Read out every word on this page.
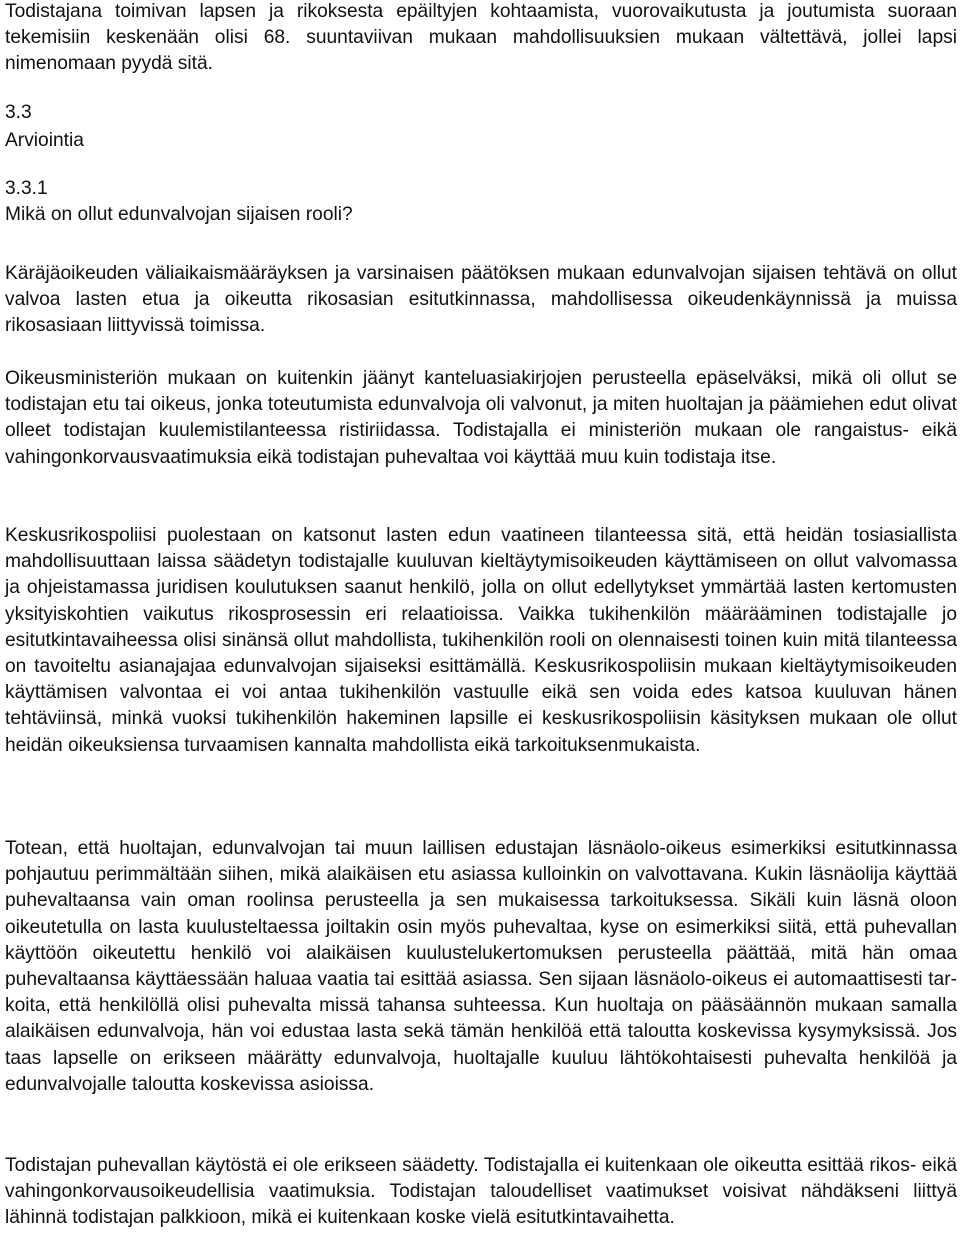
Todistajana toimivan lapsen ja rikoksesta epäiltyjen kohtaamista, vuorovaikutusta ja joutumista suoraan tekemisiin keskenään olisi 68. suuntaviivan mukaan mahdollisuuksien mukaan vältettävä, jollei lapsi nimenomaan pyydä sitä.

3.3
Arviointia
3.3.1
Mikä on ollut edunvalvojan sijaisen rooli?

Käräjäoikeuden väliaikaismääräyksen ja varsinaisen päätöksen mukaan edunvalvojan sijaisen tehtävä on ollut valvoa lasten etua ja oikeutta rikosasian esitutkinnassa, mahdollisessa oikeudenkäynnissä ja muissa rikosasiaan liittyvissä toimissa.

Oikeusministeriön mukaan on kuitenkin jäänyt kanteluasiakirjojen perusteella epäselväksi, mikä oli ollut se todistajan etu tai oikeus, jonka toteutumista edunvalvoja oli valvonut, ja miten huoltajan ja päämiehen edut olivat olleet todistajan kuulemistilanteessa ristiriidassa. Todistajalla ei ministeriön mukaan ole rangaistus- eikä vahingonkorvausvaatimuksia eikä todistajan puhevaltaa voi käyttää muu kuin todistaja itse.

Keskusrikospoliisi puolestaan on katsonut lasten edun vaatineen tilanteessa sitä, että heidän tosiasiallista mahdollisuuttaan laissa säädetyn todistajalle kuuluvan kieltäytymisoikeuden käyttämiseen on ollut valvomassa ja ohjeistamassa juridisen koulutuksen saanut henkilö, jolla on ollut edellytykset ymmärtää lasten kertomusten yksityiskohtien vaikutus rikosprosessin eri relaatioissa. Vaikka tukihenkilön määrääminen todistajalle jo esitutkintavaiheessa olisi sinänsä ollut mahdollista, tukihenkilön rooli on olennaisesti toinen kuin mitä tilanteessa on tavoiteltu asianajajaa edunvalvojan sijaiseksi esittämällä. Keskusrikospoliisin mukaan kieltäytymisoikeuden käyttämisen valvontaa ei voi antaa tukihenkilön vastuulle eikä sen voida edes katsoa kuuluvan hänen tehtäviinsä, minkä vuoksi tukihenkilön hakeminen lapsille ei keskusrikospoliisin käsityksen mukaan ole ollut heidän oikeuksiensa turvaamisen kannalta mahdollista eikä tarkoituksenmukaista.

Totean, että huoltajan, edunvalvojan tai muun laillisen edustajan läsnäolo-oikeus esimerkiksi esitutkinnassa pohjautuu perimmältään siihen, mikä alaikäisen etu asiassa kulloinkin on valvottavana. Kukin läsnäolija käyttää puhevaltaansa vain oman roolinsa perusteella ja sen mukaisessa tarkoituksessa. Sikäli kuin läsnä oloon oikeutetulla on lasta kuulusteltaessa joiltakin osin myös puhevaltaa, kyse on esimerkiksi siitä, että puhevallan käyttöön oikeutettu henkilö voi alaikäisen kuulustelukertomuksen perusteella päättää, mitä hän omaa puhevaltaansa käyttäessään haluaa vaatia tai esittää asiassa. Sen sijaan läsnäolo-oikeus ei automaattisesti tarkoita, että henkilöllä olisi puhevalta missä tahansa suhteessa. Kun huoltaja on pääsäännön mukaan samalla alaikäisen edunvalvoja, hän voi edustaa lasta sekä tämän henkilöä että taloutta koskevissa kysymyksissä. Jos taas lapselle on erikseen määrätty edunvalvoja, huoltajalle kuuluu lähtökohtaisesti puhevalta henkilöä ja edunvalvojalle taloutta koskevissa asioissa.

Todistajan puhevallan käytöstä ei ole erikseen säädetty. Todistajalla ei kuitenkaan ole oikeutta esittää rikos- eikä vahingonkorvausoikeudellisia vaatimuksia. Todistajan taloudelliset vaatimukset voisivat nähdäkseni liittyä lähinnä todistajan palkkioon, mikä ei kuitenkaan koske vielä esitutkintavaihetta.
